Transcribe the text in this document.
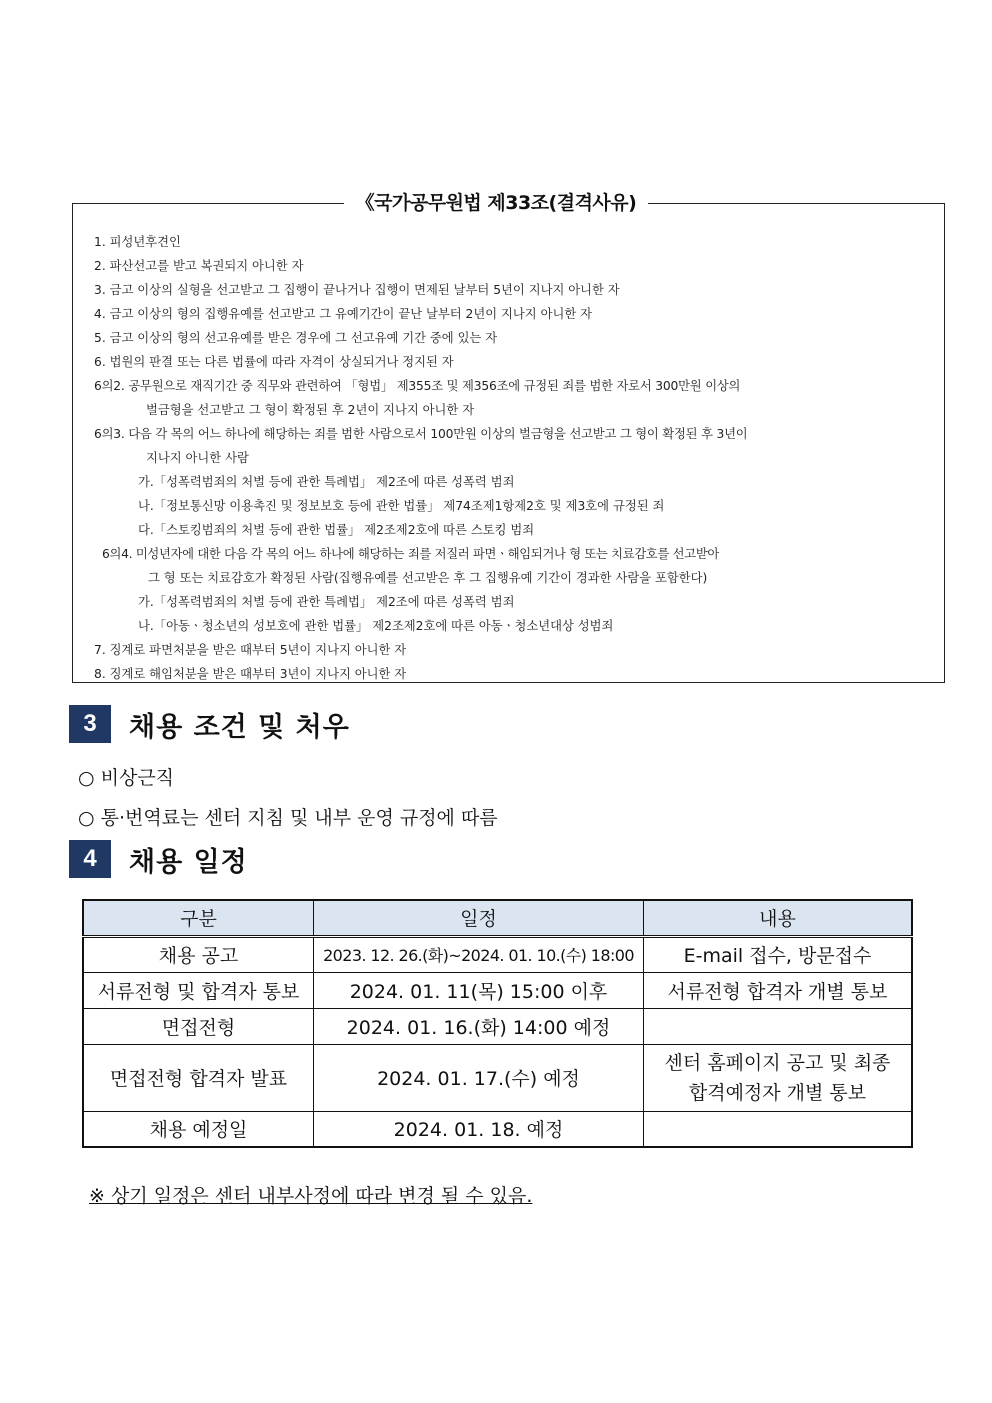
《국가공무원법 제33조(결격사유)
1. 피성년후견인
2. 파산선고를 받고 복권되지 아니한 자
3. 금고 이상의 실형을 선고받고 그 집행이 끝나거나 집행이 면제된 날부터 5년이 지나지 아니한 자
4. 금고 이상의 형의 집행유예를 선고받고 그 유예기간이 끝난 날부터 2년이 지나지 아니한 자
5. 금고 이상의 형의 선고유예를 받은 경우에 그 선고유예 기간 중에 있는 자
6. 법원의 판결 또는 다른 법률에 따라 자격이 상실되거나 정지된 자
6의2. 공무원으로 재직기간 중 직무와 관련하여 「형법」 제355조 및 제356조에 규정된 죄를 범한 자로서 300만원 이상의
벌금형을 선고받고 그 형이 확정된 후 2년이 지나지 아니한 자
6의3. 다음 각 목의 어느 하나에 해당하는 죄를 범한 사람으로서 100만원 이상의 벌금형을 선고받고 그 형이 확정된 후 3년이
지나지 아니한 사람
가.「성폭력범죄의 처벌 등에 관한 특례법」 제2조에 따른 성폭력 범죄
나.「정보통신망 이용촉진 및 정보보호 등에 관한 법률」 제74조제1항제2호 및 제3호에 규정된 죄
다.「스토킹범죄의 처벌 등에 관한 법률」 제2조제2호에 따른 스토킹 범죄
6의4. 미성년자에 대한 다음 각 목의 어느 하나에 해당하는 죄를 저질러 파면ㆍ해임되거나 형 또는 치료감호를 선고받아
그 형 또는 치료감호가 확정된 사람(집행유예를 선고받은 후 그 집행유예 기간이 경과한 사람을 포함한다)
가.「성폭력범죄의 처벌 등에 관한 특례법」 제2조에 따른 성폭력 범죄
나.「아동ㆍ청소년의 성보호에 관한 법률」 제2조제2호에 따른 아동ㆍ청소년대상 성범죄
7. 징계로 파면처분을 받은 때부터 5년이 지나지 아니한 자
8. 징계로 해임처분을 받은 때부터 3년이 지나지 아니한 자
3	채용 조건 및 처우
○ 비상근직
○ 통·번역료는 센터 지침 및 내부 운영 규정에 따름
4	채용 일정
구분	일정	내용
채용 공고	2023. 12. 26.(화)~2024. 01. 10.(수) 18:00	E-mail 접수, 방문접수
서류전형 및 합격자 통보	2024. 01. 11(목) 15:00 이후	서류전형 합격자 개별 통보
면접전형	2024. 01. 16.(화) 14:00 예정	
면접전형 합격자 발표	2024. 01. 17.(수) 예정	센터 홈페이지 공고 및 최종
합격예정자 개별 통보

채용 예정일	2024. 01. 18. 예정	
※ 상기 일정은 센터 내부사정에 따라 변경 될 수 있음.
